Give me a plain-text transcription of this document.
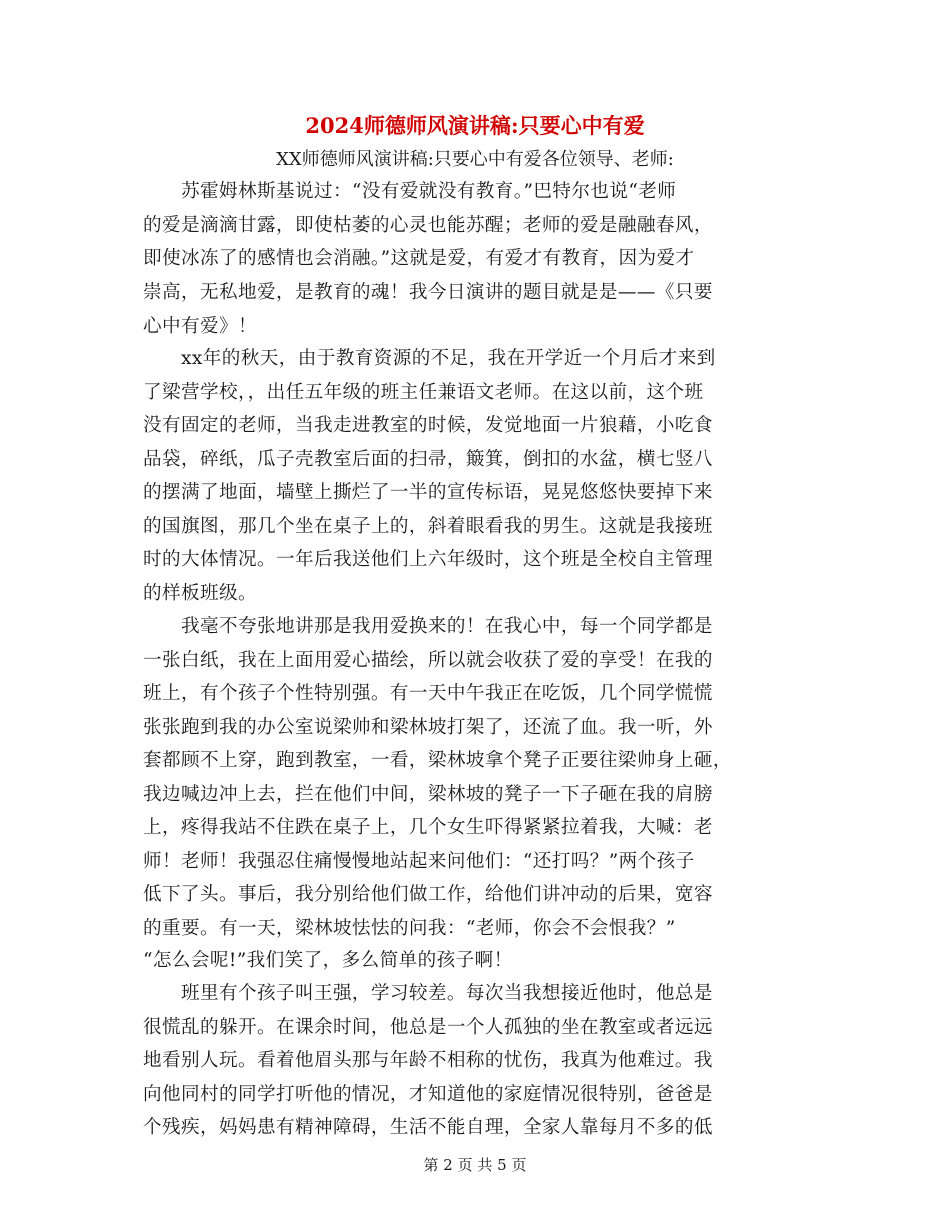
2024师德师风演讲稿:只要心中有爱
XX师德师风演讲稿:只要心中有爱各位领导、老师:
　　苏霍姆林斯基说过：“没有爱就没有教育。”巴特尔也说“老师
的爱是滴滴甘露，即使枯萎的心灵也能苏醒；老师的爱是融融春风，
即使冰冻了的感情也会消融。”这就是爱，有爱才有教育，因为爱才
崇高，无私地爱，是教育的魂！我今日演讲的题目就是是——《只要
心中有爱》！
　　xx年的秋天，由于教育资源的不足，我在开学近一个月后才来到
了梁营学校，，出任五年级的班主任兼语文老师。在这以前，这个班
没有固定的老师，当我走进教室的时候，发觉地面一片狼藉，小吃食
品袋，碎纸，瓜子壳教室后面的扫帚，簸箕，倒扣的水盆，横七竖八
的摆满了地面，墙壁上撕烂了一半的宣传标语，晃晃悠悠快要掉下来
的国旗图，那几个坐在桌子上的，斜着眼看我的男生。这就是我接班
时的大体情况。一年后我送他们上六年级时，这个班是全校自主管理
的样板班级。
　　我毫不夸张地讲那是我用爱换来的！在我心中，每一个同学都是
一张白纸，我在上面用爱心描绘，所以就会收获了爱的享受！在我的
班上，有个孩子个性特别强。有一天中午我正在吃饭，几个同学慌慌
张张跑到我的办公室说梁帅和梁林坡打架了，还流了血。我一听，外
套都顾不上穿，跑到教室，一看，梁林坡拿个凳子正要往梁帅身上砸，
我边喊边冲上去，拦在他们中间，梁林坡的凳子一下子砸在我的肩膀
上，疼得我站不住跌在桌子上，几个女生吓得紧紧拉着我，大喊：老
师！老师！我强忍住痛慢慢地站起来问他们：“还打吗？”两个孩子
低下了头。事后，我分别给他们做工作，给他们讲冲动的后果，宽容
的重要。有一天，梁林坡怯怯的问我：“老师，你会不会恨我？”
“怎么会呢!”我们笑了，多么简单的孩子啊！
　　班里有个孩子叫王强，学习较差。每次当我想接近他时，他总是
很慌乱的躲开。在课余时间，他总是一个人孤独的坐在教室或者远远
地看别人玩。看着他眉头那与年龄不相称的忧伤，我真为他难过。我
向他同村的同学打听他的情况，才知道他的家庭情况很特别，爸爸是
个残疾，妈妈患有精神障碍，生活不能自理，全家人靠每月不多的低
第 2 页 共 5 页
